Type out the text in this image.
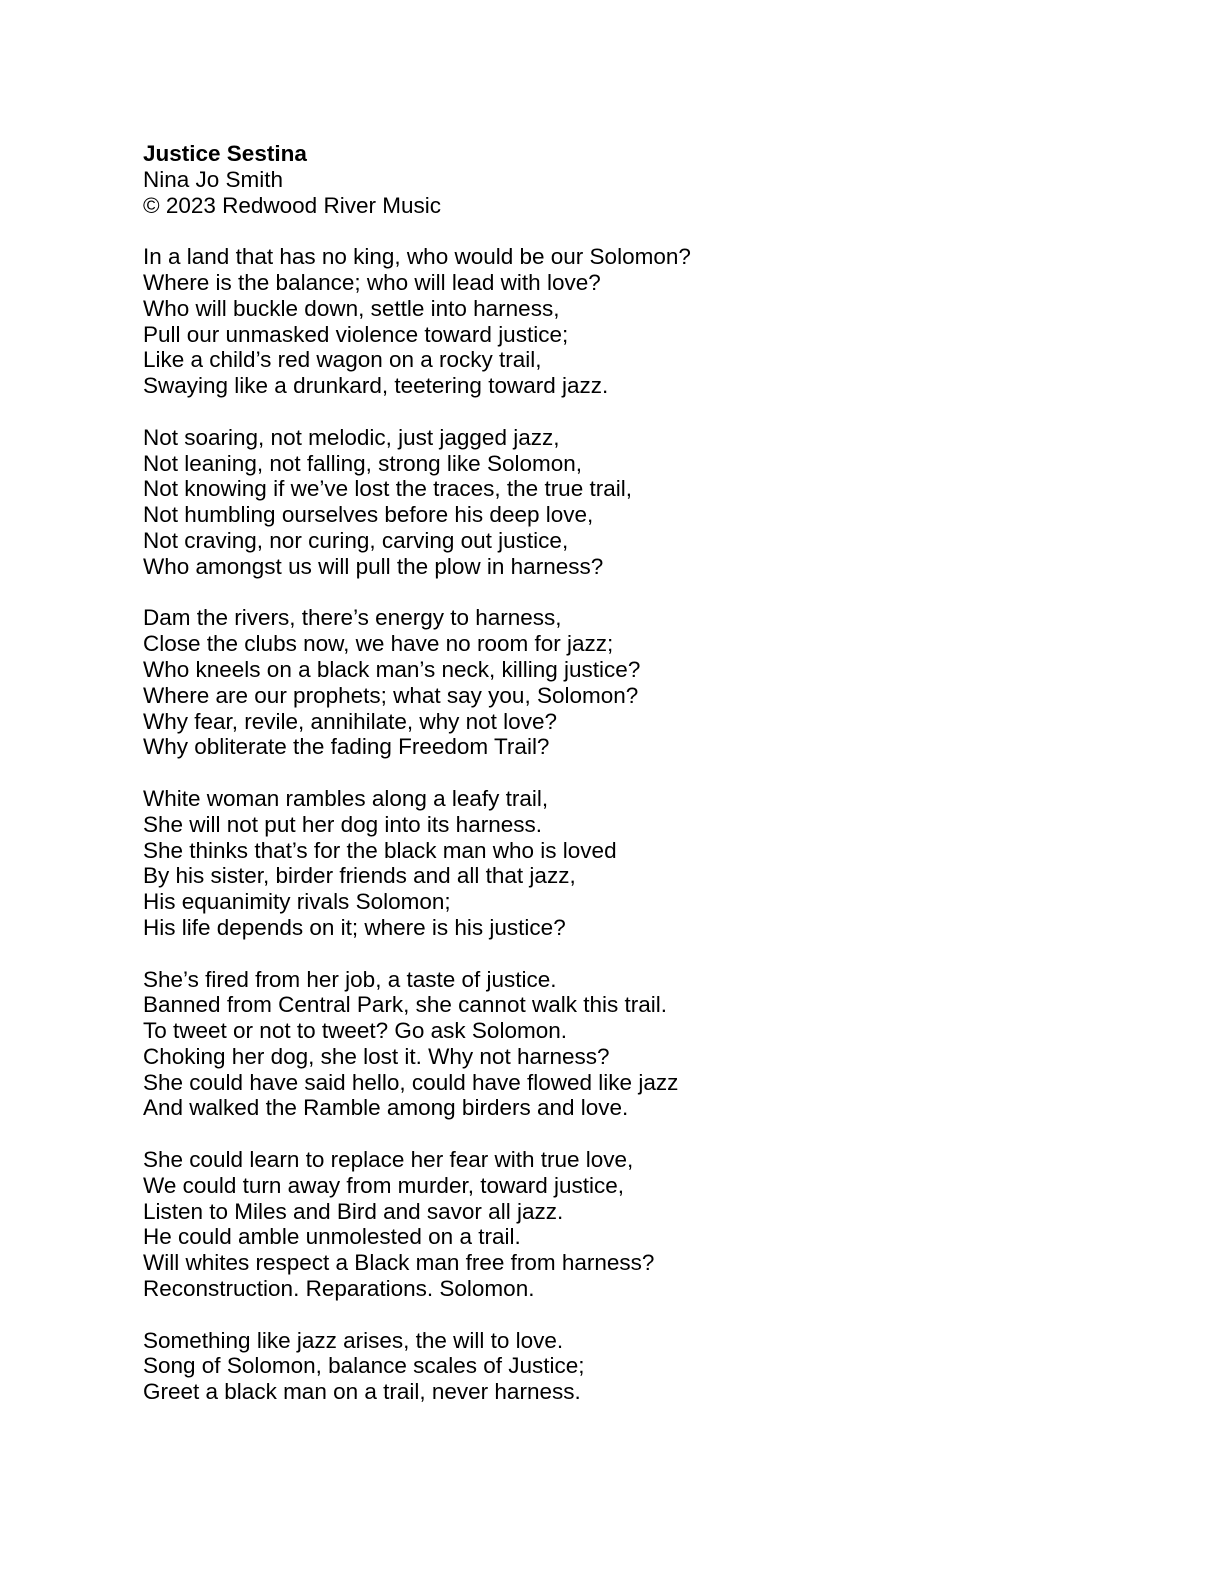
Justice Sestina
Nina Jo Smith
© 2023 Redwood River Music
In a land that has no king, who would be our Solomon?
Where is the balance; who will lead with love?
Who will buckle down, settle into harness,
Pull our unmasked violence toward justice;
Like a child’s red wagon on a rocky trail,
Swaying like a drunkard, teetering toward jazz.
Not soaring, not melodic, just jagged jazz,
Not leaning, not falling, strong like Solomon,
Not knowing if we’ve lost the traces, the true trail,
Not humbling ourselves before his deep love,
Not craving, nor curing, carving out justice,
Who amongst us will pull the plow in harness?
Dam the rivers, there’s energy to harness,
Close the clubs now, we have no room for jazz;
Who kneels on a black man’s neck, killing justice?
Where are our prophets; what say you, Solomon?
Why fear, revile, annihilate, why not love?
Why obliterate the fading Freedom Trail?
White woman rambles along a leafy trail,
She will not put her dog into its harness.
She thinks that’s for the black man who is loved
By his sister, birder friends and all that jazz,
His equanimity rivals Solomon;
His life depends on it; where is his justice?
She’s fired from her job, a taste of justice.
Banned from Central Park, she cannot walk this trail.
To tweet or not to tweet? Go ask Solomon.
Choking her dog, she lost it. Why not harness?
She could have said hello, could have flowed like jazz
And walked the Ramble among birders and love.
She could learn to replace her fear with true love,
We could turn away from murder, toward justice,
Listen to Miles and Bird and savor all jazz.
He could amble unmolested on a trail.
Will whites respect a Black man free from harness?
Reconstruction. Reparations. Solomon.
Something like jazz arises, the will to love.
Song of Solomon, balance scales of Justice;
Greet a black man on a trail, never harness.
